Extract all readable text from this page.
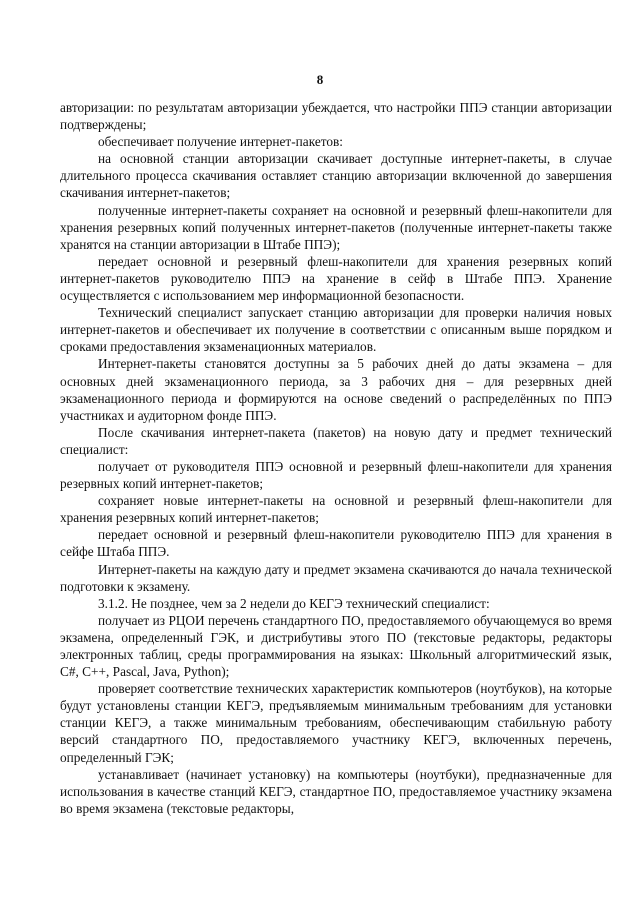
8

авторизации: по результатам авторизации убеждается, что настройки ППЭ станции авторизации подтверждены;

обеспечивает получение интернет-пакетов:

на основной станции авторизации скачивает доступные интернет-пакеты, в случае длительного процесса скачивания оставляет станцию авторизации включенной до завершения скачивания интернет-пакетов;

полученные интернет-пакеты сохраняет на основной и резервный флеш-накопители для хранения резервных копий полученных интернет-пакетов (полученные интернет-пакеты также хранятся на станции авторизации в Штабе ППЭ);

передает основной и резервный флеш-накопители для хранения резервных копий интернет-пакетов руководителю ППЭ на хранение в сейф в Штабе ППЭ. Хранение осуществляется с использованием мер информационной безопасности.

Технический специалист запускает станцию авторизации для проверки наличия новых интернет-пакетов и обеспечивает их получение в соответствии с описанным выше порядком и сроками предоставления экзаменационных материалов.

Интернет-пакеты становятся доступны за 5 рабочих дней до даты экзамена – для основных дней экзаменационного периода, за 3 рабочих дня – для резервных дней экзаменационного периода и формируются на основе сведений о распределённых по ППЭ участниках и аудиторном фонде ППЭ.

После скачивания интернет-пакета (пакетов) на новую дату и предмет технический специалист:

получает от руководителя ППЭ основной и резервный флеш-накопители для хранения резервных копий интернет-пакетов;

сохраняет новые интернет-пакеты на основной и резервный флеш-накопители для хранения резервных копий интернет-пакетов;

передает основной и резервный флеш-накопители руководителю ППЭ для хранения в сейфе Штаба ППЭ.

Интернет-пакеты на каждую дату и предмет экзамена скачиваются до начала технической подготовки к экзамену.

3.1.2. Не позднее, чем за 2 недели до КЕГЭ технический специалист:

получает из РЦОИ перечень стандартного ПО, предоставляемого обучающемуся во время экзамена, определенный ГЭК, и дистрибутивы этого ПО (текстовые редакторы, редакторы электронных таблиц, среды программирования на языках: Школьный алгоритмический язык, C#, C++, Pascal, Java, Python);

проверяет соответствие технических характеристик компьютеров (ноутбуков), на которые будут установлены станции КЕГЭ, предъявляемым минимальным требованиям для установки станции КЕГЭ, а также минимальным требованиям, обеспечивающим стабильную работу версий стандартного ПО, предоставляемого участнику КЕГЭ, включенных перечень, определенный ГЭК;

устанавливает (начинает установку) на компьютеры (ноутбуки), предназначенные для использования в качестве станций КЕГЭ, стандартное ПО, предоставляемое участнику экзамена во время экзамена (текстовые редакторы,
